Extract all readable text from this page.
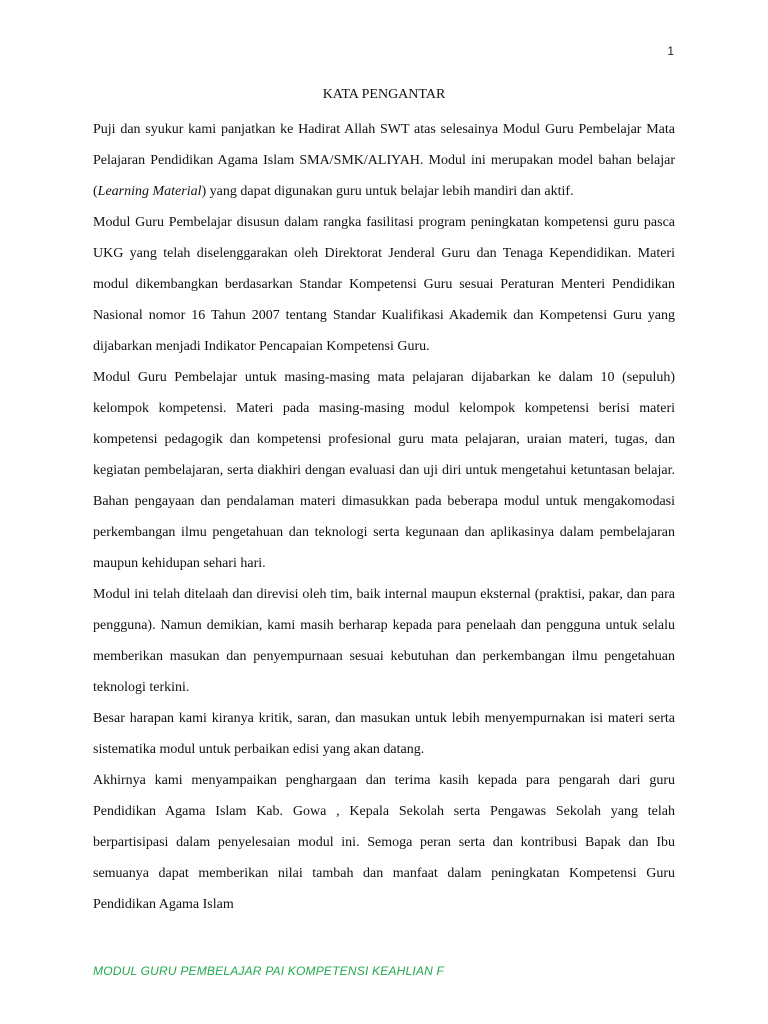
1
KATA PENGANTAR

Puji dan syukur kami panjatkan ke Hadirat Allah SWT atas selesainya Modul Guru Pembelajar Mata Pelajaran Pendidikan Agama Islam SMA/SMK/ALIYAH. Modul ini merupakan model bahan belajar (Learning Material) yang dapat digunakan guru untuk belajar lebih mandiri dan aktif.

Modul Guru Pembelajar disusun dalam rangka fasilitasi program peningkatan kompetensi guru pasca UKG yang telah diselenggarakan oleh Direktorat Jenderal Guru dan Tenaga Kependidikan. Materi modul dikembangkan berdasarkan Standar Kompetensi Guru sesuai Peraturan Menteri Pendidikan Nasional nomor 16 Tahun 2007 tentang Standar Kualifikasi Akademik dan Kompetensi Guru yang dijabarkan menjadi Indikator Pencapaian Kompetensi Guru.

Modul Guru Pembelajar untuk masing-masing mata pelajaran dijabarkan ke dalam 10 (sepuluh) kelompok kompetensi. Materi pada masing-masing modul kelompok kompetensi berisi materi kompetensi pedagogik dan kompetensi profesional guru mata pelajaran, uraian materi, tugas, dan kegiatan pembelajaran, serta diakhiri dengan evaluasi dan uji diri untuk mengetahui ketuntasan belajar. Bahan pengayaan dan pendalaman materi dimasukkan pada beberapa modul untuk mengakomodasi perkembangan ilmu pengetahuan dan teknologi serta kegunaan dan aplikasinya dalam pembelajaran maupun kehidupan sehari hari.

Modul ini telah ditelaah dan direvisi oleh tim, baik internal maupun eksternal (praktisi, pakar, dan para pengguna). Namun demikian, kami masih berharap kepada para penelaah dan pengguna untuk selalu memberikan masukan dan penyempurnaan sesuai kebutuhan dan perkembangan ilmu pengetahuan teknologi terkini.

Besar harapan kami kiranya kritik, saran, dan masukan untuk lebih menyempurnakan isi materi serta sistematika modul untuk perbaikan edisi yang akan datang.

Akhirnya kami menyampaikan penghargaan dan terima kasih kepada para pengarah dari guru Pendidikan Agama Islam Kab. Gowa , Kepala Sekolah serta Pengawas Sekolah yang telah berpartisipasi dalam penyelesaian modul ini. Semoga peran serta dan kontribusi Bapak dan Ibu semuanya dapat memberikan nilai tambah dan manfaat dalam peningkatan Kompetensi Guru Pendidikan Agama Islam

MODUL GURU PEMBELAJAR PAI KOMPETENSI KEAHLIAN F
